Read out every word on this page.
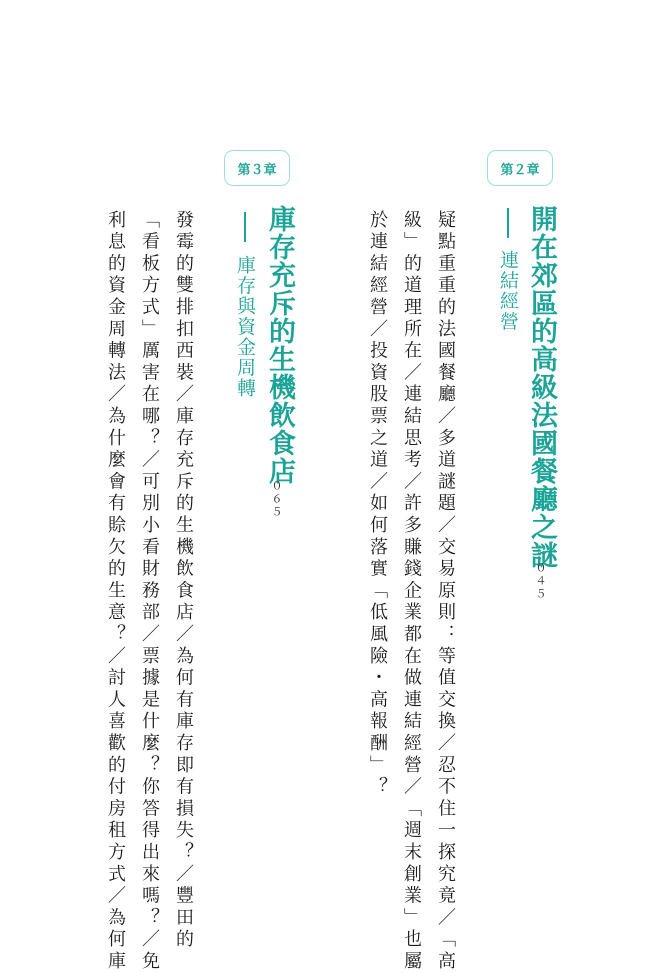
第２章
開在郊區的高級法國餐廳之謎
連結經營
０４５
疑點重重的法國餐廳／多道謎題／交易原則：等值交換／忍不住一探究竟／「高
級」的道理所在／連結思考／許多賺錢企業都在做連結經營／「週末創業」也屬
於連結經營／投資股票之道／如何落實「低風險・高報酬」？
第３章
庫存充斥的生機飲食店
庫存與資金周轉
０６５
發霉的雙排扣西裝／庫存充斥的生機飲食店／為何有庫存即有損失？／豐田的
「看板方式」厲害在哪？／可別小看財務部／票據是什麼？你答得出來嗎？／免
利息的資金周轉法／為什麼會有賒欠的生意？／討人喜歡的付房租方式／為何庫
